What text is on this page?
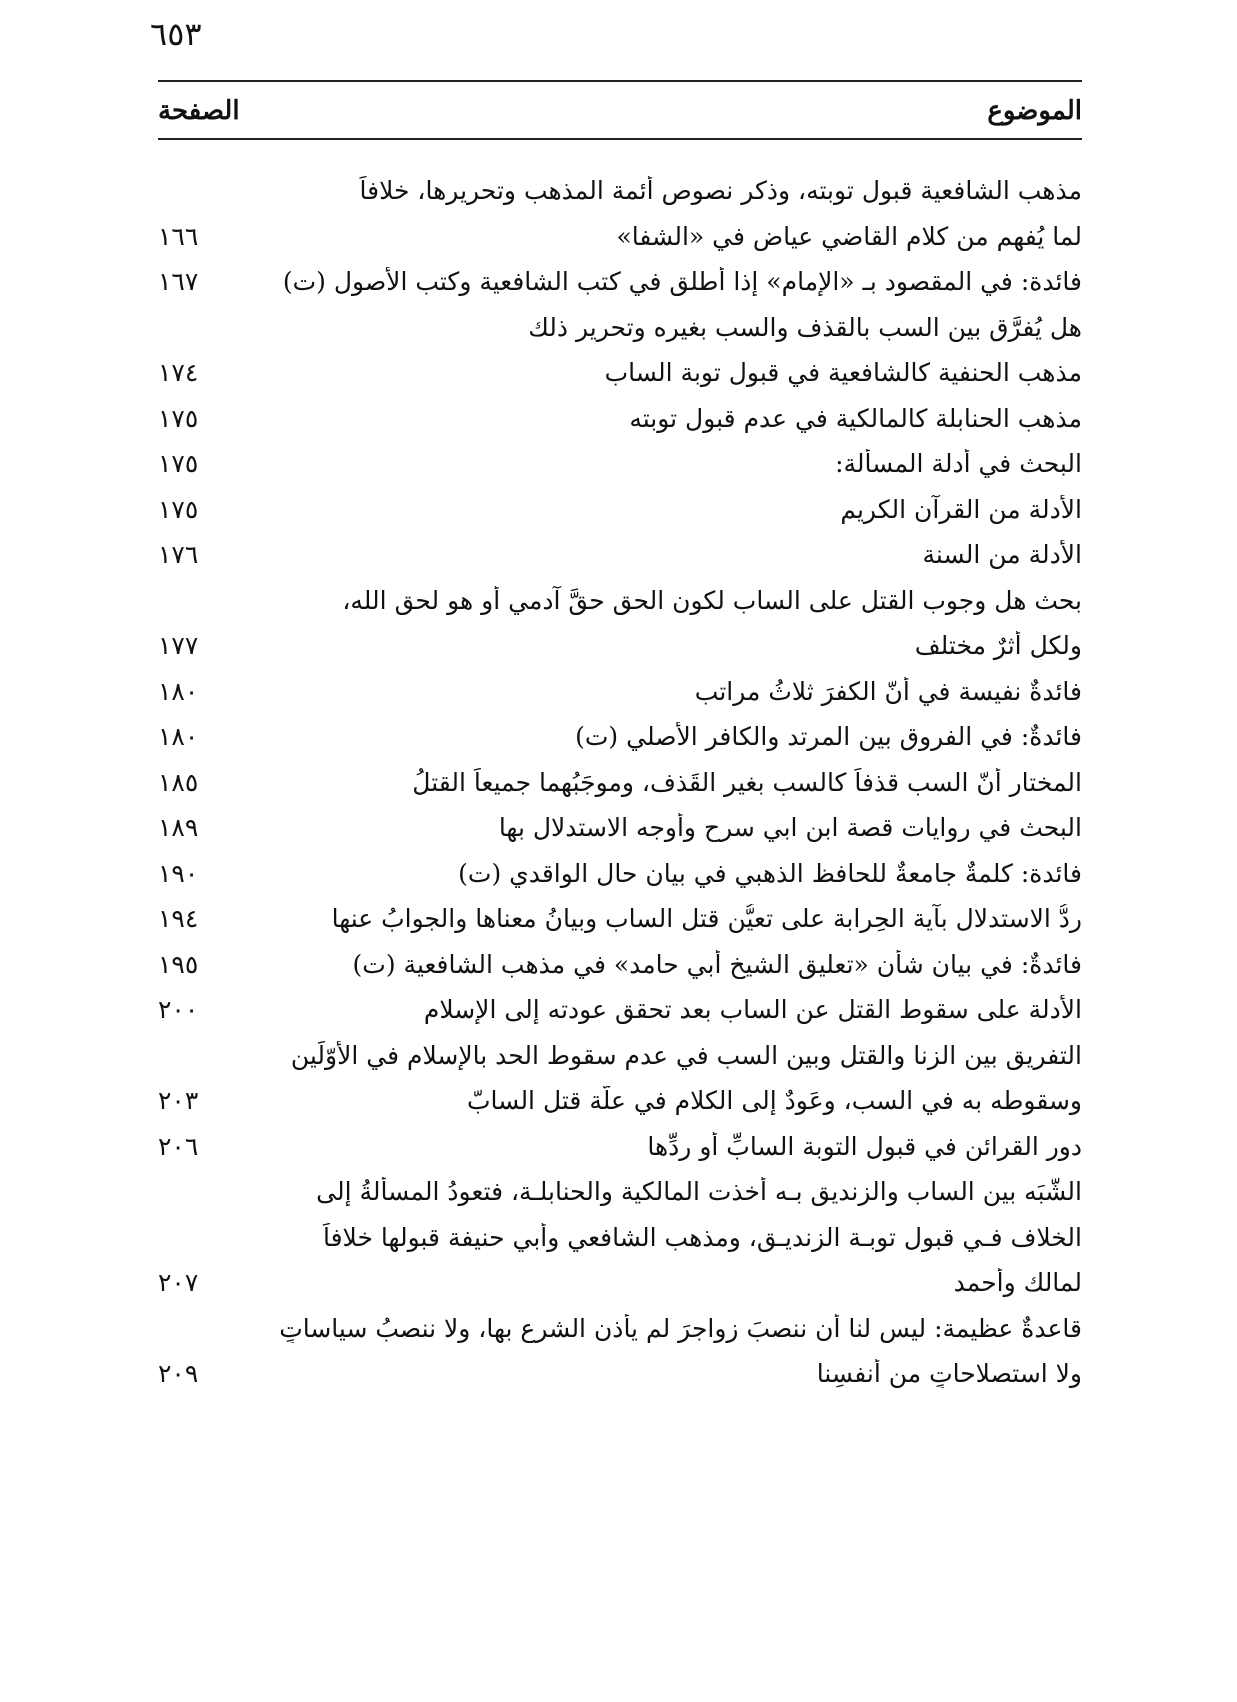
٦٥٣
الموضوع
الصفحة
مذهب الشافعية قبول توبته، وذكر نصوص أئمة المذهب وتحريرها، خلافاً
لما يُفهم من كلام القاضي عياض في «الشفا»
١٦٦
فائدة: في المقصود بـ «الإمام» إذا أُطلق في كتب الشافعية وكتب الأصول (ت)
١٦٧
هل يُفرَّق بين السب بالقذف والسب بغيره وتحرير ذلك
مذهب الحنفية كالشافعية في قبول توبة الساب
١٧٤
مذهب الحنابلة كالمالكية في عدم قبول توبته
١٧٥
البحث في أدلة المسألة:
١٧٥
الأدلة من القرآن الكريم
١٧٥
الأدلة من السنة
١٧٦
بحث هل وجوب القتل على الساب لكون الحق حقَّ آدمي أو هو لحق الله،
ولكلٍ أثرٌ مختلف
١٧٧
فائدةٌ نفيسة في أنّ الكفرَ ثلاثُ مراتب
١٨٠
فائدةٌ: في الفروق بين المرتد والكافر الأصلي (ت)
١٨٠
المختار أنّ السب قذفاً كالسب بغير القَذف، وموجَبُهما جميعاً القتلُ
١٨٥
البحث في روايات قصة ابن ابي سرح وأوجه الاستدلال بها
١٨٩
فائدة: كلمةٌ جامعةٌ للحافظ الذهبي في بيان حال الواقدي (ت)
١٩٠
ردُّ الاستدلال بآية الحِرابة على تعيُّن قتل الساب وبيانُ معناها والجوابُ عنها
١٩٤
فائدةٌ: في بيان شأن «تعليق الشيخ أبي حامد» في مذهب الشافعية (ت)
١٩٥
الأدلة على سقوط القتل عن الساب بعد تحقق عودته إلى الإسلام
٢٠٠
التفريق بين الزنا والقتل وبين السب في عدم سقوط الحد بالإسلام في الأوّلَين
وسقوطه به في السب، وعَودٌ إلى الكلام في علّة قتل السابّ
٢٠٣
دور القرائن في قبول التوبة السابِّ أو ردِّها
٢٠٦
الشُّبَه بين الساب والزنديق بـه أخذت المالكية والحنابلـة، فتعودُ المسألةُ إلى
الخلاف فـي قبول توبـة الزنديـق، ومذهب الشافعي وأبي حنيفة قبولها خلافاً
لمالك وأحمد
٢٠٧
قاعدةٌ عظيمة: ليس لنا أن ننصبَ زواجرَ لم يأذن الشرع بها، ولا ننصبُ سياساتٍ
ولا استصلاحاتٍ من أنفسِنا
٢٠٩
